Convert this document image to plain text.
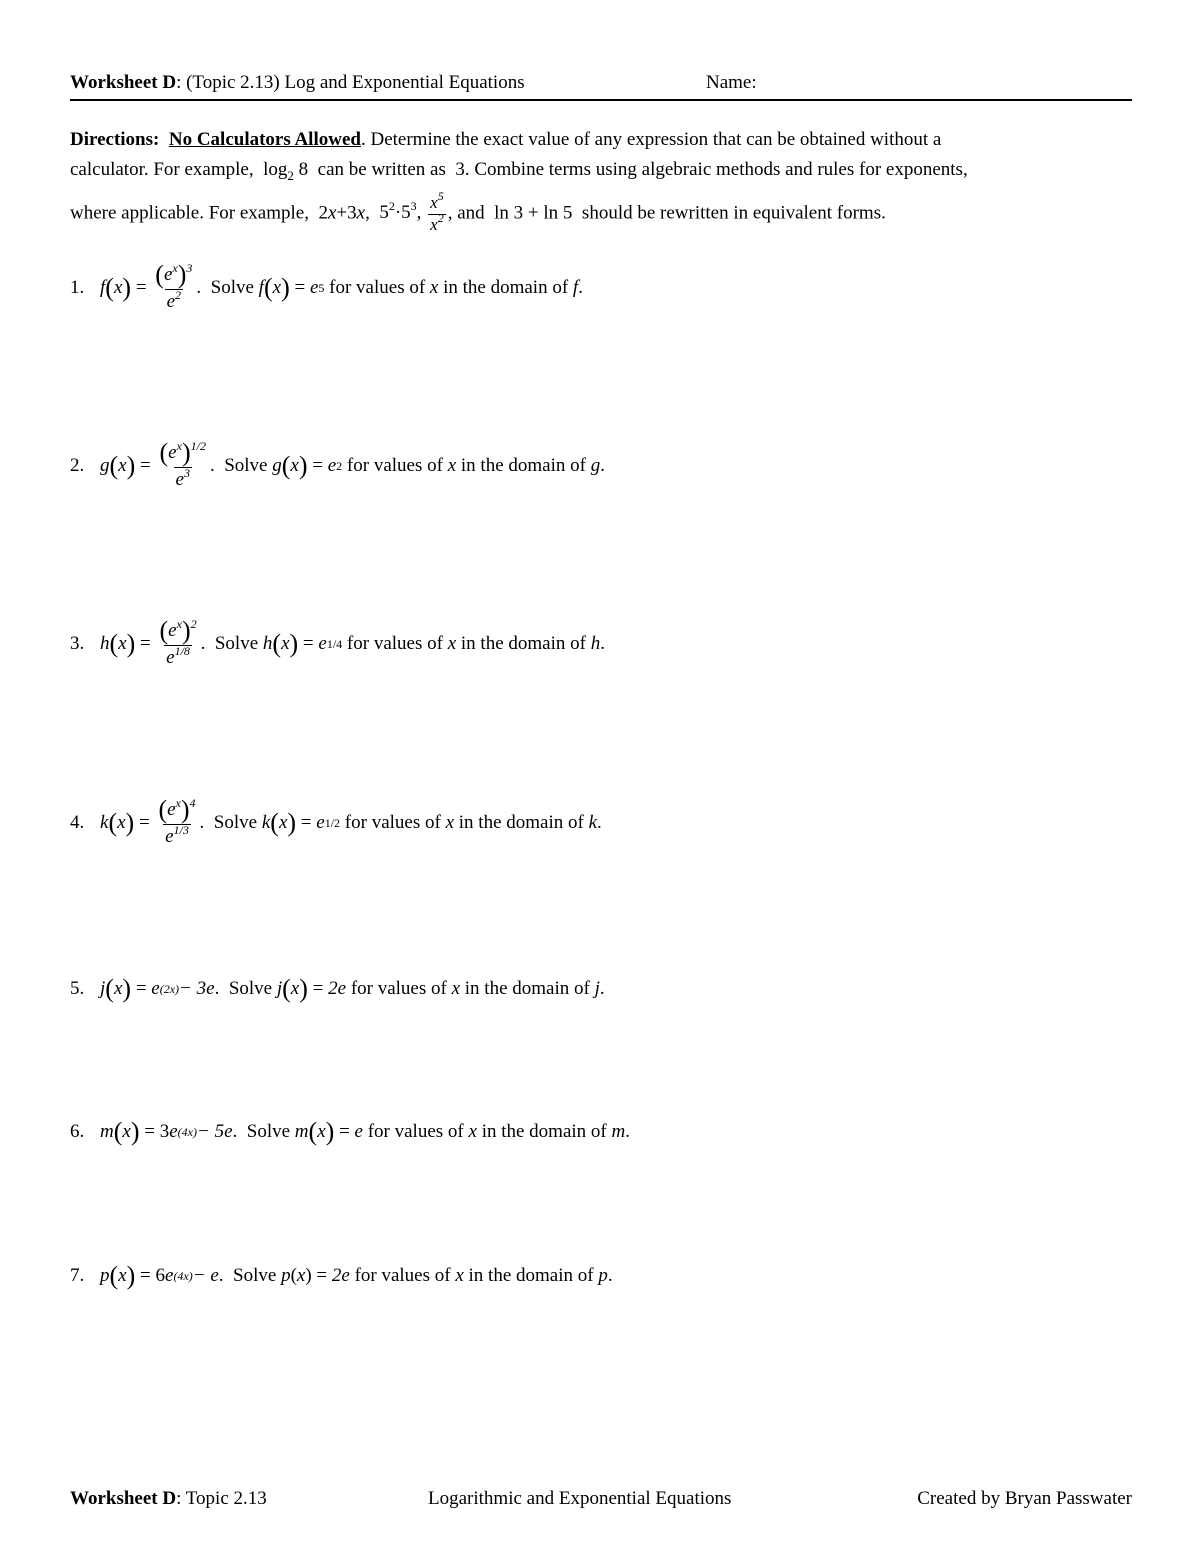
Worksheet D: (Topic 2.13) Log and Exponential Equations	Name:
Directions: No Calculators Allowed. Determine the exact value of any expression that can be obtained without a
calculator. For example, $\log_2 8$ can be written as 3. Combine terms using algebraic methods and rules for exponents,
where applicable. For example, 2x+3x, $5^2\cdot 5^3$, $\frac{x^5}{x^2}$ , and ln 3 + ln 5 should be rewritten in equivalent forms.
1. f ( x ) = $\frac{(e^x)^3}{e^2}$ . Solve
f ( x ) = e 5
for values of
x
in the domain of
f .
2. g ( x ) = $\frac{(e^x)^{1/2}}{e^3}$ . Solve
g ( x ) = e 2
for values of
x
in the domain of
g .
3. h ( x ) = $\frac{(e^x)^2}{e^{1/8}}$ . Solve
h ( x ) = e 1/4
for values of
x
in the domain of
h .
4. k ( x ) = $\frac{(e^x)^4}{e^{1/3}}$ . Solve
k ( x ) = e 1/2
for values of
x
in the domain of
k .
5. j ( x ) = e (2x) − 3e . Solve
j ( x ) = 2e
for values of
x
in the domain of
j .
6. m ( x ) = 3 e (4x) − 5e . Solve
m ( x ) = e
for values of
x
in the domain of
m .
7. p ( x ) = 6 e (4x) − e . Solve
p ( x ) = 2e
for values of
x
in the domain of
p .
Worksheet D: Topic 2.13	Logarithmic and Exponential Equations	Created by Bryan Passwater
